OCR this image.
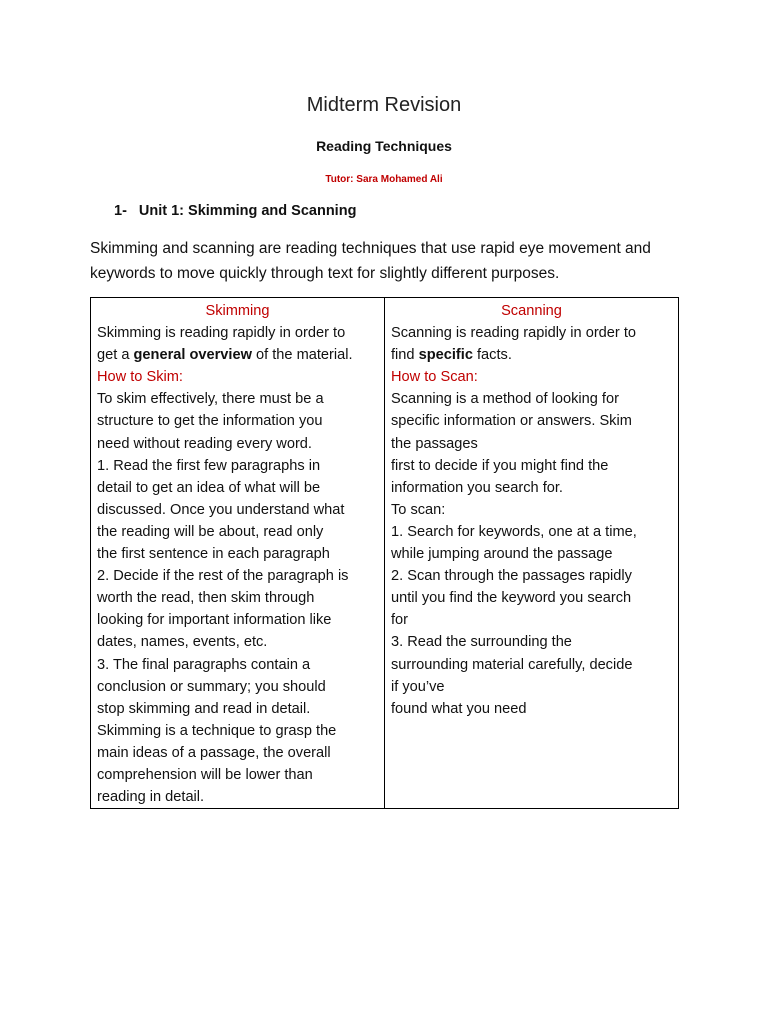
Midterm Revision
Reading Techniques
Tutor: Sara Mohamed Ali
1- Unit 1: Skimming and Scanning

Skimming and scanning are reading techniques that use rapid eye movement and

keywords to move quickly through text for slightly different purposes.

Skimming
Skimming is reading rapidly in order to
get a general overview of the material.
How to Skim:
To skim effectively, there must be a
structure to get the information you
need without reading every word.
1. Read the first few paragraphs in
detail to get an idea of what will be
discussed. Once you understand what
the reading will be about, read only
the first sentence in each paragraph
2. Decide if the rest of the paragraph is
worth the read, then skim through
looking for important information like
dates, names, events, etc.
3. The final paragraphs contain a
conclusion or summary; you should
stop skimming and read in detail.
Skimming is a technique to grasp the
main ideas of a passage, the overall
comprehension will be lower than
reading in detail.

Scanning
Scanning is reading rapidly in order to
find specific facts.
How to Scan:
Scanning is a method of looking for
specific information or answers. Skim
the passages
first to decide if you might find the
information you search for.
To scan:
1. Search for keywords, one at a time,
while jumping around the passage
2. Scan through the passages rapidly
until you find the keyword you search
for
3. Read the surrounding the
surrounding material carefully, decide
if you’ve
found what you need
